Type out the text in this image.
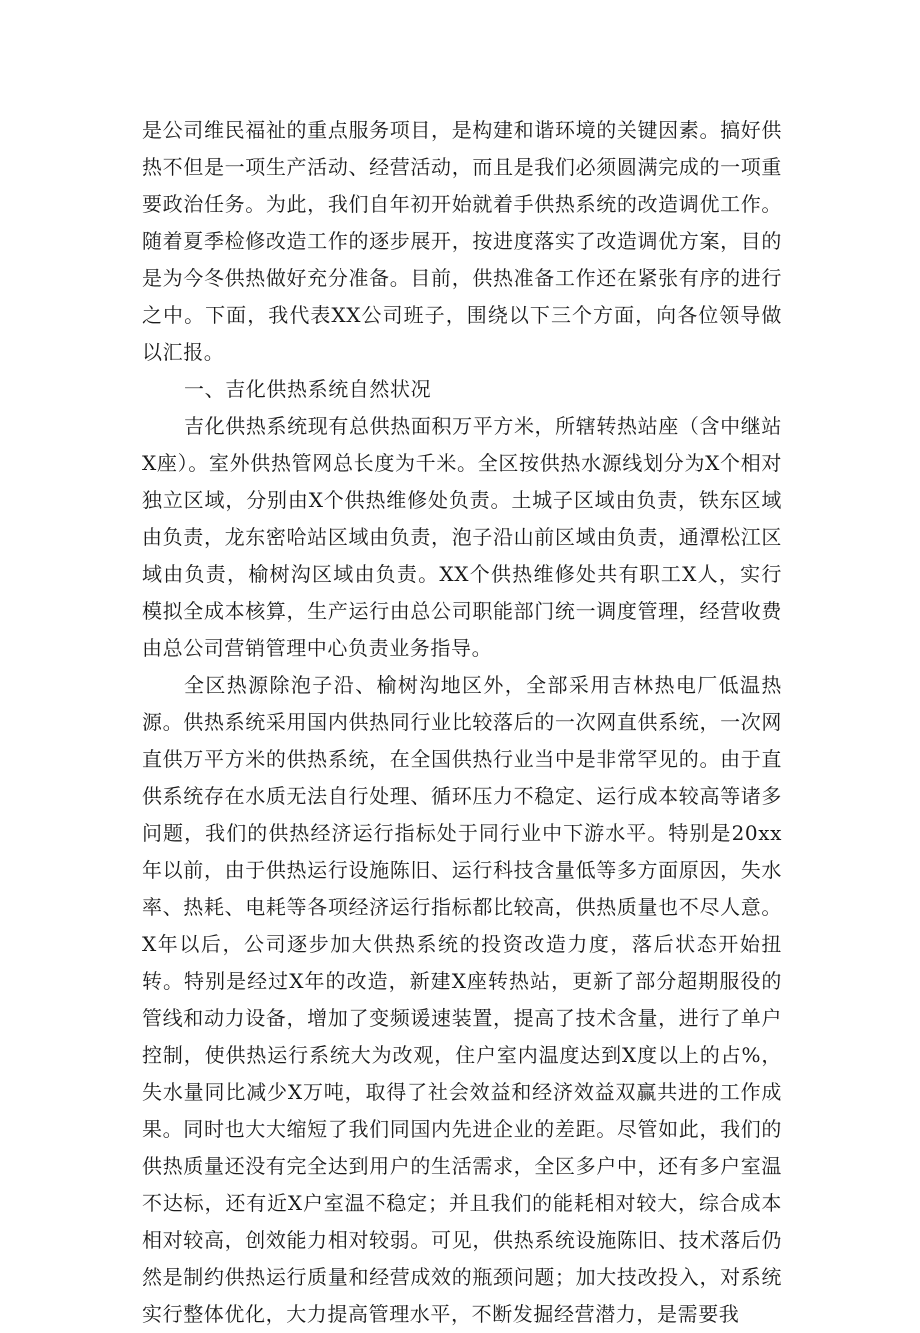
是公司维民福祉的重点服务项目，是构建和谐环境的关键因素。搞好供热不但是一项生产活动、经营活动，而且是我们必须圆满完成的一项重要政治任务。为此，我们自年初开始就着手供热系统的改造调优工作。随着夏季检修改造工作的逐步展开，按进度落实了改造调优方案，目的是为今冬供热做好充分准备。目前，供热准备工作还在紧张有序的进行之中。下面，我代表XX公司班子，围绕以下三个方面，向各位领导做以汇报。

一、吉化供热系统自然状况

吉化供热系统现有总供热面积万平方米，所辖转热站座（含中继站X座）。室外供热管网总长度为千米。全区按供热水源线划分为X个相对独立区域，分别由X个供热维修处负责。土城子区域由负责，铁东区域由负责，龙东密哈站区域由负责，泡子沿山前区域由负责，通潭松江区域由负责，榆树沟区域由负责。XX个供热维修处共有职工X人，实行模拟全成本核算，生产运行由总公司职能部门统一调度管理，经营收费由总公司营销管理中心负责业务指导。

全区热源除泡子沿、榆树沟地区外，全部采用吉林热电厂低温热源。供热系统采用国内供热同行业比较落后的一次网直供系统，一次网直供万平方米的供热系统，在全国供热行业当中是非常罕见的。由于直供系统存在水质无法自行处理、循环压力不稳定、运行成本较高等诸多问题，我们的供热经济运行指标处于同行业中下游水平。特别是20xx年以前，由于供热运行设施陈旧、运行科技含量低等多方面原因，失水率、热耗、电耗等各项经济运行指标都比较高，供热质量也不尽人意。X年以后，公司逐步加大供热系统的投资改造力度，落后状态开始扭转。特别是经过X年的改造，新建X座转热站，更新了部分超期服役的管线和动力设备，增加了变频谖速装置，提高了技术含量，进行了单户控制，使供热运行系统大为改观，住户室内温度达到X度以上的占%，失水量同比减少X万吨，取得了社会效益和经济效益双赢共进的工作成果。同时也大大缩短了我们同国内先进企业的差距。尽管如此，我们的供热质量还没有完全达到用户的生活需求，全区多户中，还有多户室温不达标，还有近X户室温不稳定；并且我们的能耗相对较大，综合成本相对较高，创效能力相对较弱。可见，供热系统设施陈旧、技术落后仍然是制约供热运行质量和经营成效的瓶颈问题；加大技改投入，对系统实行整体优化，大力提高管理水平，不断发掘经营潜力，是需要我
